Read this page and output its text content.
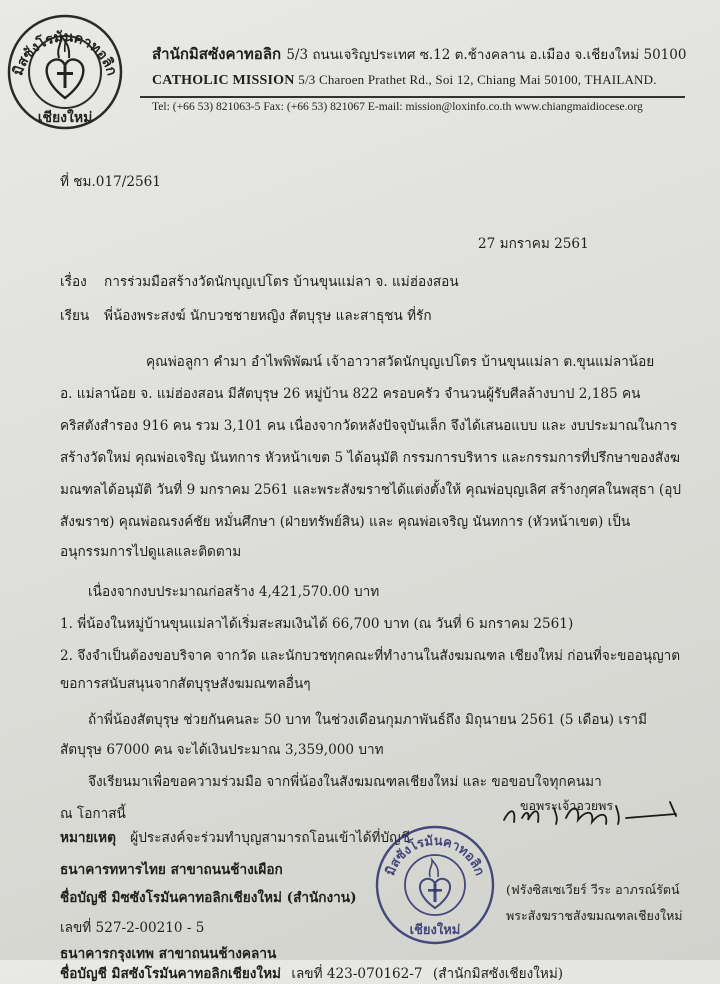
มิสซังโรมันคาทอลิก
เชียงใหม่
สำนักมิสซังคาทอลิก 5/3 ถนนเจริญประเทศ ซ.12 ต.ช้างคลาน อ.เมือง จ.เชียงใหม่ 50100
CATHOLIC MISSION 5/3 Charoen Prathet Rd., Soi 12, Chiang Mai 50100, THAILAND.
Tel: (+66 53) 821063-5 Fax: (+66 53) 821067 E-mail: mission@loxinfo.co.th www.chiangmaidiocese.org
ที่ ชม.017/2561
27 มกราคม 2561
เรื่อง การร่วมมือสร้างวัดนักบุญเปโตร บ้านขุนแม่ลา จ. แม่ฮ่องสอน
เรียน พี่น้องพระสงฆ์ นักบวชชายหญิง สัตบุรุษ และสาธุชน ที่รัก
คุณพ่อลูกา คำมา อำไพพิพัฒน์ เจ้าอาวาสวัดนักบุญเปโตร บ้านขุนแม่ลา ต.ขุนแม่ลาน้อย
อ. แม่ลาน้อย จ. แม่ฮ่องสอน มีสัตบุรุษ 26 หมู่บ้าน 822 ครอบครัว จำนวนผู้รับศีลล้างบาป 2,185 คน
คริสตังสำรอง 916 คน รวม 3,101 คน เนื่องจากวัดหลังปัจจุบันเล็ก จึงได้เสนอแบบ และ งบประมาณในการ
สร้างวัดใหม่ คุณพ่อเจริญ นันทการ หัวหน้าเขต 5 ได้อนุมัติ กรรมการบริหาร และกรรมการที่ปรึกษาของสังฆ
มณฑลได้อนุมัติ วันที่ 9 มกราคม 2561 และพระสังฆราชได้แต่งตั้งให้ คุณพ่อบุญเลิศ สร้างกุศลในพสุธา (อุป
สังฆราช) คุณพ่อณรงค์ชัย หมั่นศึกษา (ฝ่ายทรัพย์สิน) และ คุณพ่อเจริญ นันทการ (หัวหน้าเขต) เป็น
อนุกรรมการไปดูแลและติดตาม
เนื่องจากงบประมาณก่อสร้าง 4,421,570.00 บาท
1. พี่น้องในหมู่บ้านขุนแม่ลาได้เริ่มสะสมเงินได้ 66,700 บาท (ณ วันที่ 6 มกราคม 2561)
2. จึงจำเป็นต้องขอบริจาค จากวัด และนักบวชทุกคณะที่ทำงานในสังฆมณฑล เชียงใหม่ ก่อนที่จะขออนุญาต
ขอการสนับสนุนจากสัตบุรุษสังฆมณฑลอื่นๆ
ถ้าพี่น้องสัตบุรุษ ช่วยกันคนละ 50 บาท ในช่วงเดือนกุมภาพันธ์ถึง มิถุนายน 2561 (5 เดือน) เรามี
สัตบุรุษ 67000 คน จะได้เงินประมาณ 3,359,000 บาท
จึงเรียนมาเพื่อขอความร่วมมือ จากพี่น้องในสังฆมณฑลเชียงใหม่ และ ขอขอบใจทุกคนมา
ณ โอกาสนี้
ขอพระเจ้าอวยพร
หมายเหตุ ผู้ประสงค์จะร่วมทำบุญสามารถโอนเข้าได้ที่บัญชี
ธนาคารทหารไทย สาขาถนนช้างเผือก
ชื่อบัญชี มิซซังโรมันคาทอลิกเชียงใหม่ (สำนักงาน)
เลขที่ 527-2-00210 - 5
ธนาคารกรุงเทพ สาขาถนนช้างคลาน
ชื่อบัญชี มิสซังโรมันคาทอลิกเชียงใหม่ เลขที่ 423-070162-7 (สำนักมิสซังเชียงใหม่)
มิสซังโรมันคาทอลิก
เชียงใหม่
(ฟรังซิสเซเวียร์ วีระ อาภรณ์รัตน์
พระสังฆราชสังฆมณฑลเชียงใหม่
